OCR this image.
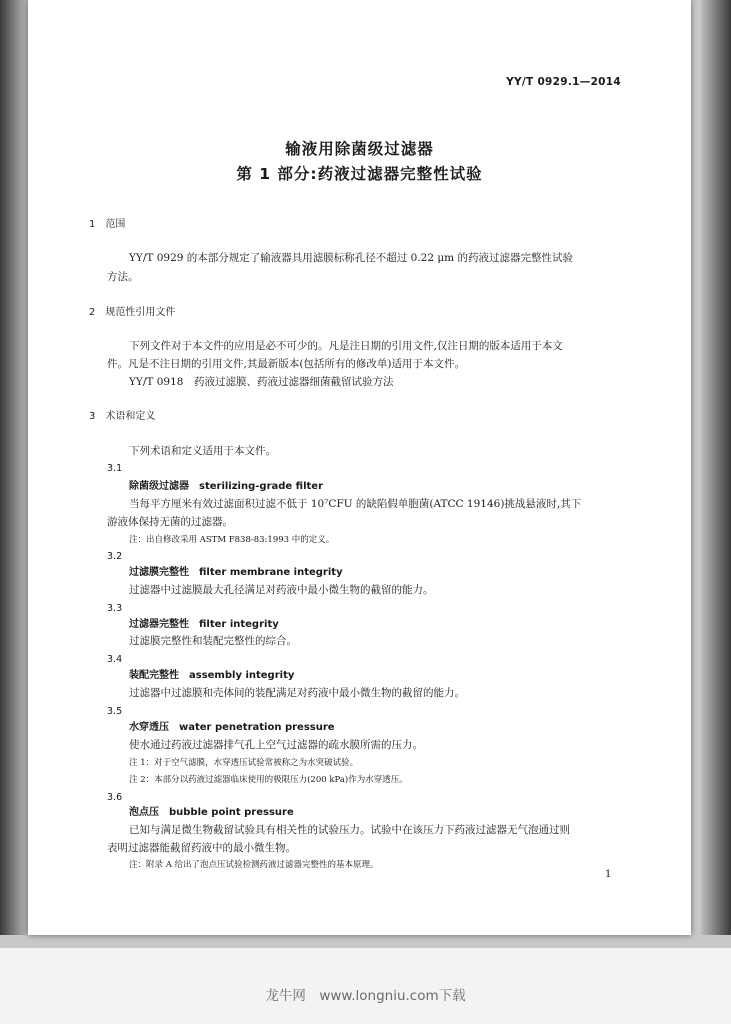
YY/T 0929.1—2014
输液用除菌级过滤器
第 1 部分:药液过滤器完整性试验
1　范围
YY/T 0929 的本部分规定了输液器具用滤膜标称孔径不超过 0.22 μm 的药液过滤器完整性试验
方法。
2　规范性引用文件
下列文件对于本文件的应用是必不可少的。凡是注日期的引用文件,仅注日期的版本适用于本文
件。凡是不注日期的引用文件,其最新版本(包括所有的修改单)适用于本文件。
YY/T 0918　药液过滤膜、药液过滤器细菌截留试验方法
3　术语和定义
下列术语和定义适用于本文件。
3.1
除菌级过滤器　sterilizing-grade filter
当每平方厘米有效过滤面积过滤不低于 10⁷CFU 的缺陷假单胞菌(ATCC 19146)挑战悬液时,其下
游液体保持无菌的过滤器。
注：出自修改采用 ASTM F838-83:1993 中的定义。
3.2
过滤膜完整性　filter membrane integrity
过滤器中过滤膜最大孔径满足对药液中最小微生物的截留的能力。
3.3
过滤器完整性　filter integrity
过滤膜完整性和装配完整性的综合。
3.4
装配完整性　assembly integrity
过滤器中过滤膜和壳体间的装配满足对药液中最小微生物的截留的能力。
3.5
水穿透压　water penetration pressure
使水通过药液过滤器排气孔上空气过滤器的疏水膜所需的压力。
注 1：对于空气滤膜，水穿透压试验常被称之为水突破试验。
注 2：本部分以药液过滤器临床使用的极限压力(200 kPa)作为水穿透压。
3.6
泡点压　bubble point pressure
已知与满足微生物截留试验具有相关性的试验压力。试验中在该压力下药液过滤器无气泡通过则
表明过滤器能截留药液中的最小微生物。
注：附录 A 给出了泡点压试验检测药液过滤器完整性的基本原理。
1
龙牛网　www.longniu.com下载
